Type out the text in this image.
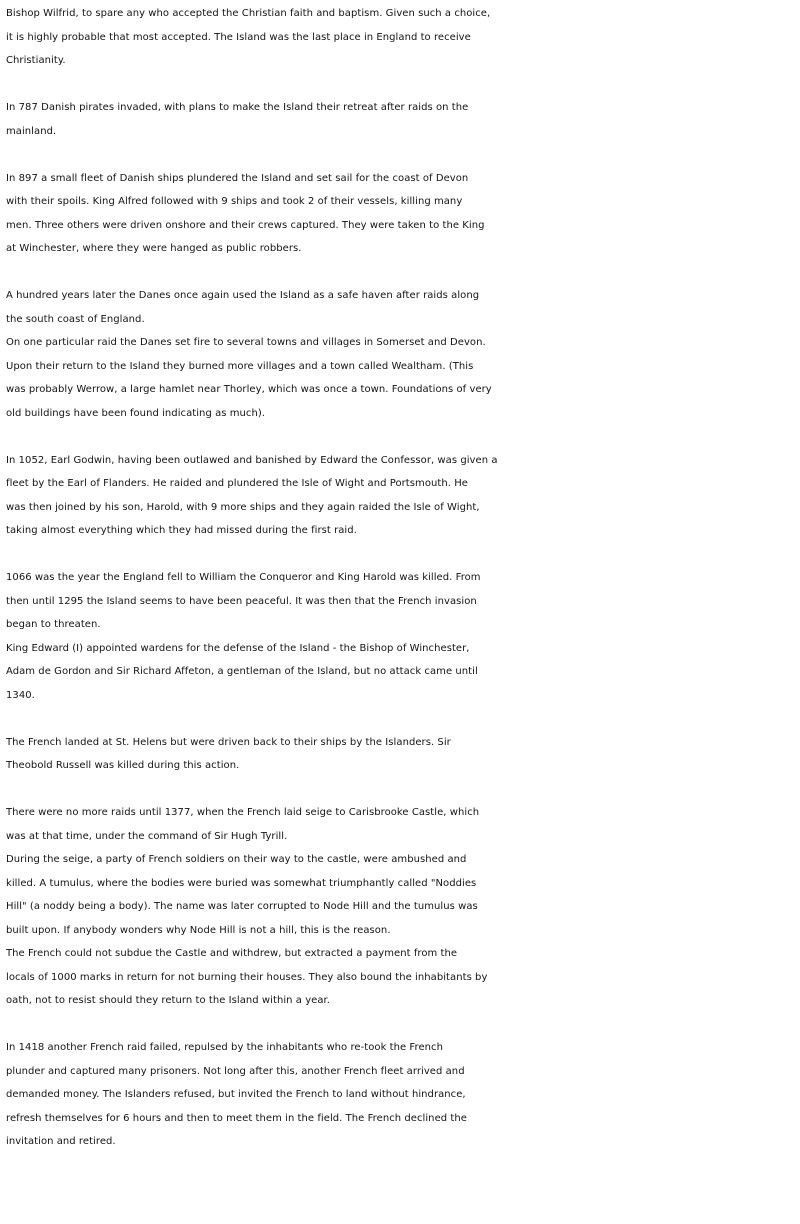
Bishop Wilfrid, to spare any who accepted the Christian faith and baptism. Given such a choice,
it is highly probable that most accepted. The Island was the last place in England to receive
Christianity.
In 787 Danish pirates invaded, with plans to make the Island their retreat after raids on the
mainland.
In 897 a small fleet of Danish ships plundered the Island and set sail for the coast of Devon
with their spoils. King Alfred followed with 9 ships and took 2 of their vessels, killing many
men. Three others were driven onshore and their crews captured. They were taken to the King
at Winchester, where they were hanged as public robbers.
A hundred years later the Danes once again used the Island as a safe haven after raids along
the south coast of England.
On one particular raid the Danes set fire to several towns and villages in Somerset and Devon.
Upon their return to the Island they burned more villages and a town called Wealtham. (This
was probably Werrow, a large hamlet near Thorley, which was once a town. Foundations of very
old buildings have been found indicating as much).
In 1052, Earl Godwin, having been outlawed and banished by Edward the Confessor, was given a
fleet by the Earl of Flanders. He raided and plundered the Isle of Wight and Portsmouth. He
was then joined by his son, Harold, with 9 more ships and they again raided the Isle of Wight,
taking almost everything which they had missed during the first raid.
1066 was the year the England fell to William the Conqueror and King Harold was killed. From
then until 1295 the Island seems to have been peaceful. It was then that the French invasion
began to threaten.
King Edward (I) appointed wardens for the defense of the Island - the Bishop of Winchester,
Adam de Gordon and Sir Richard Affeton, a gentleman of the Island, but no attack came until
1340.
The French landed at St. Helens but were driven back to their ships by the Islanders. Sir
Theobold Russell was killed during this action.
There were no more raids until 1377, when the French laid seige to Carisbrooke Castle, which
was at that time, under the command of Sir Hugh Tyrill.
During the seige, a party of French soldiers on their way to the castle, were ambushed and
killed. A tumulus, where the bodies were buried was somewhat triumphantly called "Noddies
Hill" (a noddy being a body). The name was later corrupted to Node Hill and the tumulus was
built upon. If anybody wonders why Node Hill is not a hill, this is the reason.
The French could not subdue the Castle and withdrew, but extracted a payment from the
locals of 1000 marks in return for not burning their houses. They also bound the inhabitants by
oath, not to resist should they return to the Island within a year.
In 1418 another French raid failed, repulsed by the inhabitants who re-took the French
plunder and captured many prisoners. Not long after this, another French fleet arrived and
demanded money. The Islanders refused, but invited the French to land without hindrance,
refresh themselves for 6 hours and then to meet them in the field. The French declined the
invitation and retired.
